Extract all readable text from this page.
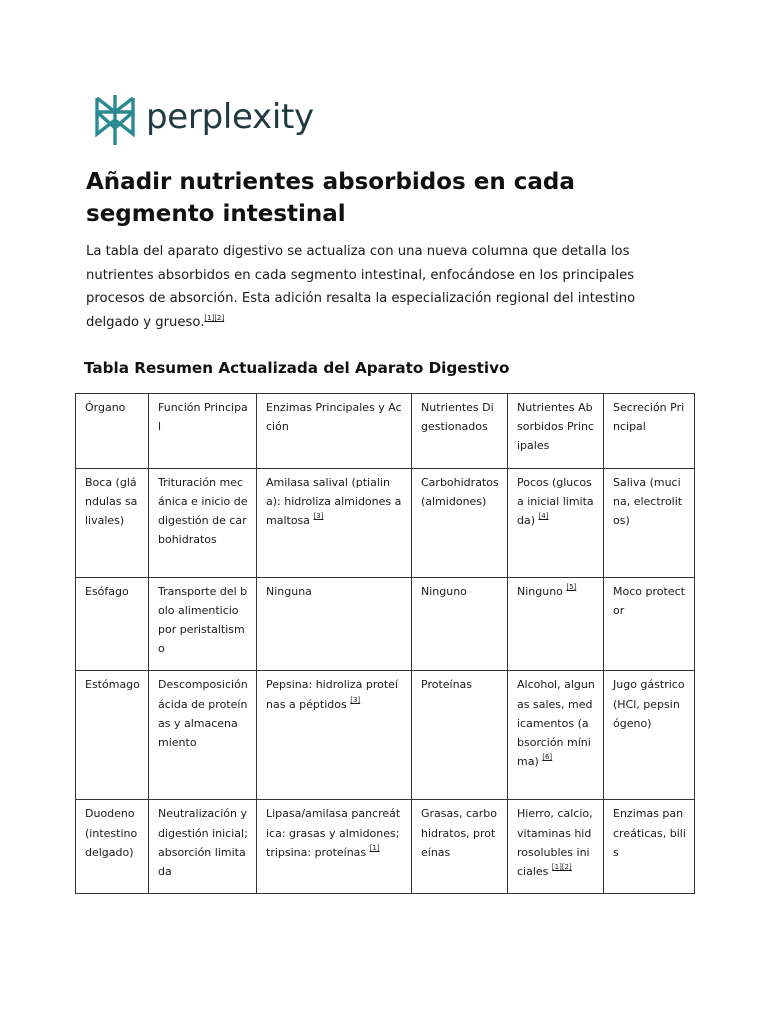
perplexity
Añadir nutrientes absorbidos en cada segmento intestinal

La tabla del aparato digestivo se actualiza con una nueva columna que detalla los nutrientes absorbidos en cada segmento intestinal, enfocándose en los principales procesos de absorción. Esta adición resalta la especialización regional del intestino delgado y grueso.[1][2]

Tabla Resumen Actualizada del Aparato Digestivo
Órgano	Función Principal	Enzimas Principales y Acción	Nutrientes Digestionados	Nutrientes Absorbidos Principales	Secreción Principal
Boca (glándulas salivales)	Trituración mecánica e inicio de digestión de carbohidratos	Amilasa salival (ptialina): hidroliza almidones a maltosa [3]	Carbohidratos (almidones)	Pocos (glucosa inicial limitada) [4]	Saliva (mucina, electrolitos)
Esófago	Transporte del bolo alimenticio por peristaltismo	Ninguna	Ninguno	Ninguno [5]	Moco protector
Estómago	Descomposición ácida de proteínas y almacenamiento	Pepsina: hidroliza proteínas a péptidos [3]	Proteínas	Alcohol, algunas sales, medicamentos (absorción mínima) [6]	Jugo gástrico (HCl, pepsinógeno)
Duodeno (intestino delgado)	Neutralización y digestión inicial; absorción limitada	Lipasa/amilasa pancreática: grasas y almidones; tripsina: proteínas [1]	Grasas, carbohidratos, proteínas	Hierro, calcio, vitaminas hidrosolubles iniciales [1][2]	Enzimas pancreáticas, bilis
